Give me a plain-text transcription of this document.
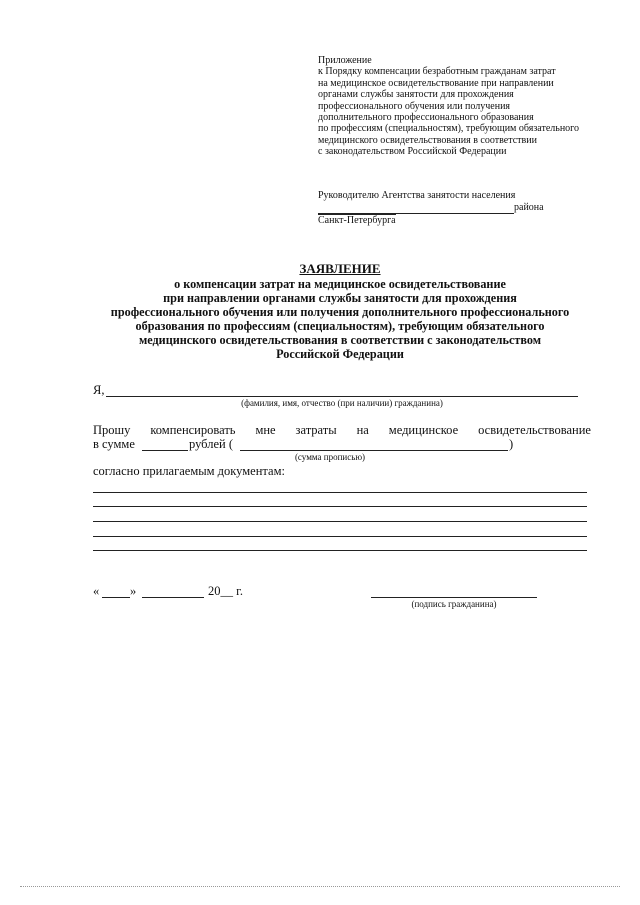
Приложение
к Порядку компенсации безработным гражданам затрат
на медицинское освидетельствование при направлении
органами службы занятости для прохождения
профессионального обучения или получения
дополнительного профессионального образования
по профессиям (специальностям), требующим обязательного
медицинского освидетельствования в соответствии
с законодательством Российской Федерации
Руководителю Агентства занятости населения
района
Санкт-Петербурга
ЗАЯВЛЕНИЕ
о компенсации затрат на медицинское освидетельствование
при направлении органами службы занятости для прохождения
профессионального обучения или получения дополнительного профессионального
образования по профессиям (специальностям), требующим обязательного
медицинского освидетельствования в соответствии с законодательством
Российской Федерации
Я,
(фамилия, имя, отчество (при наличии) гражданина)
Прошу компенсировать мне затраты на медицинское освидетельствование
в сумме	рублей (	)
(сумма прописью)
согласно прилагаемым документам:
« »	20__ г.
(подпись гражданина)
